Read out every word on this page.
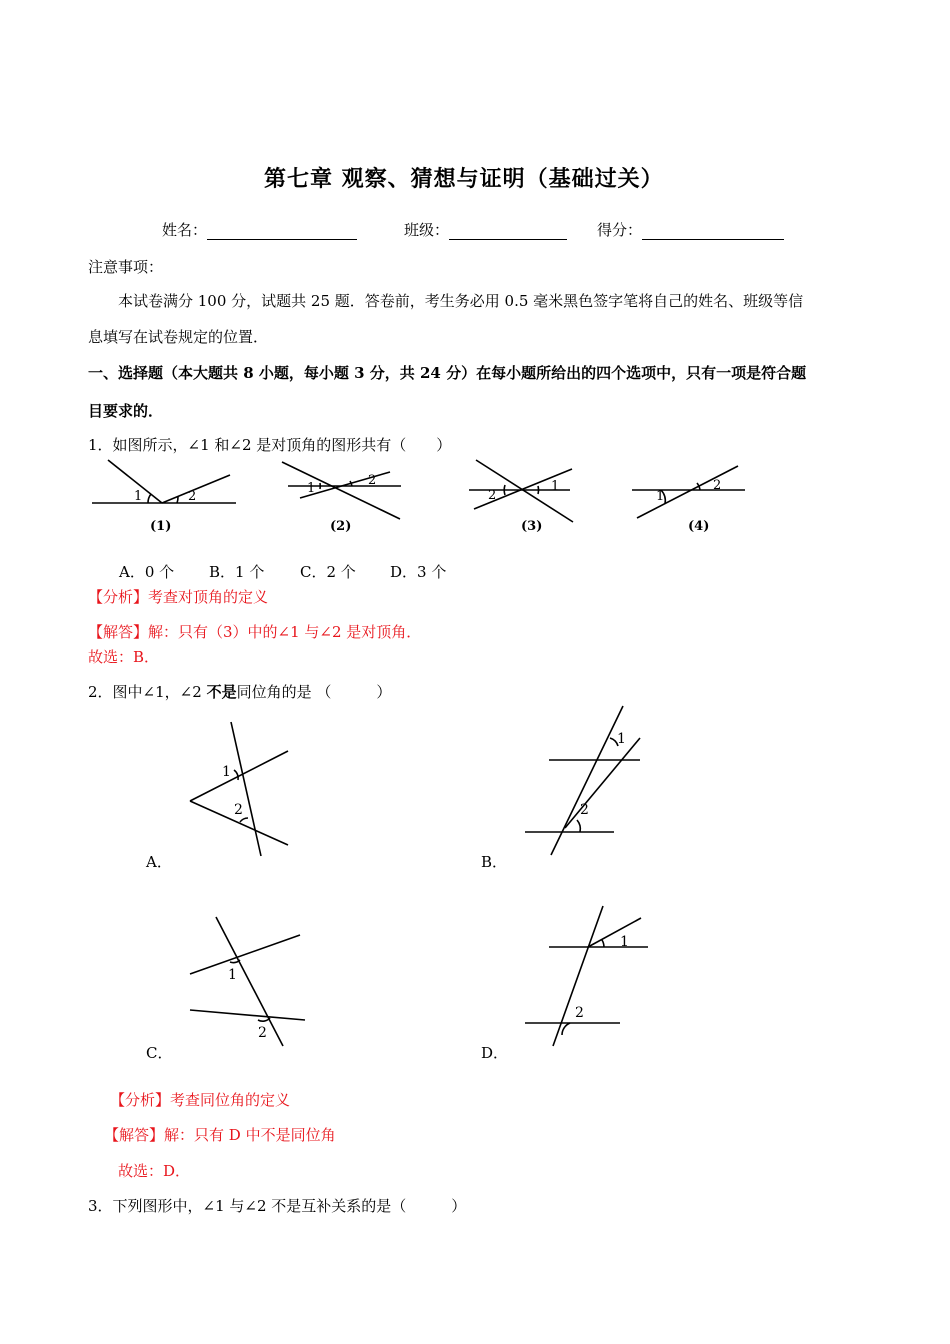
第七章 观察、猜想与证明（基础过关）
姓名：	班级：	得分：
注意事项：
本试卷满分 100 分，试题共 25 题．答卷前，考生务必用 0.5 毫米黑色签字笔将自己的姓名、班级等信
息填写在试卷规定的位置．
一、选择题（本大题共 8 小题，每小题 3 分，共 24 分）在每小题所给出的四个选项中，只有一项是符合题
目要求的．
1．如图所示，∠1 和∠2 是对顶角的图形共有（　　）
1	2
1
2
2
1
1
2
(1)	(2)	(3)	(4)
A．0 个 B．1 个 C．2 个 D．3 个
【分析】考查对顶角的定义
【解答】解：只有（3）中的∠1 与∠2 是对顶角．
故选：B．
2．图中∠1，∠2 不是同位角的是 （　　　）
1
2
1
2
1
2
1
2
A．	B．
C．	D．
【分析】考查同位角的定义
【解答】解：只有 D 中不是同位角
故选：D．
3．下列图形中，∠1 与∠2 不是互补关系的是（　　　）
